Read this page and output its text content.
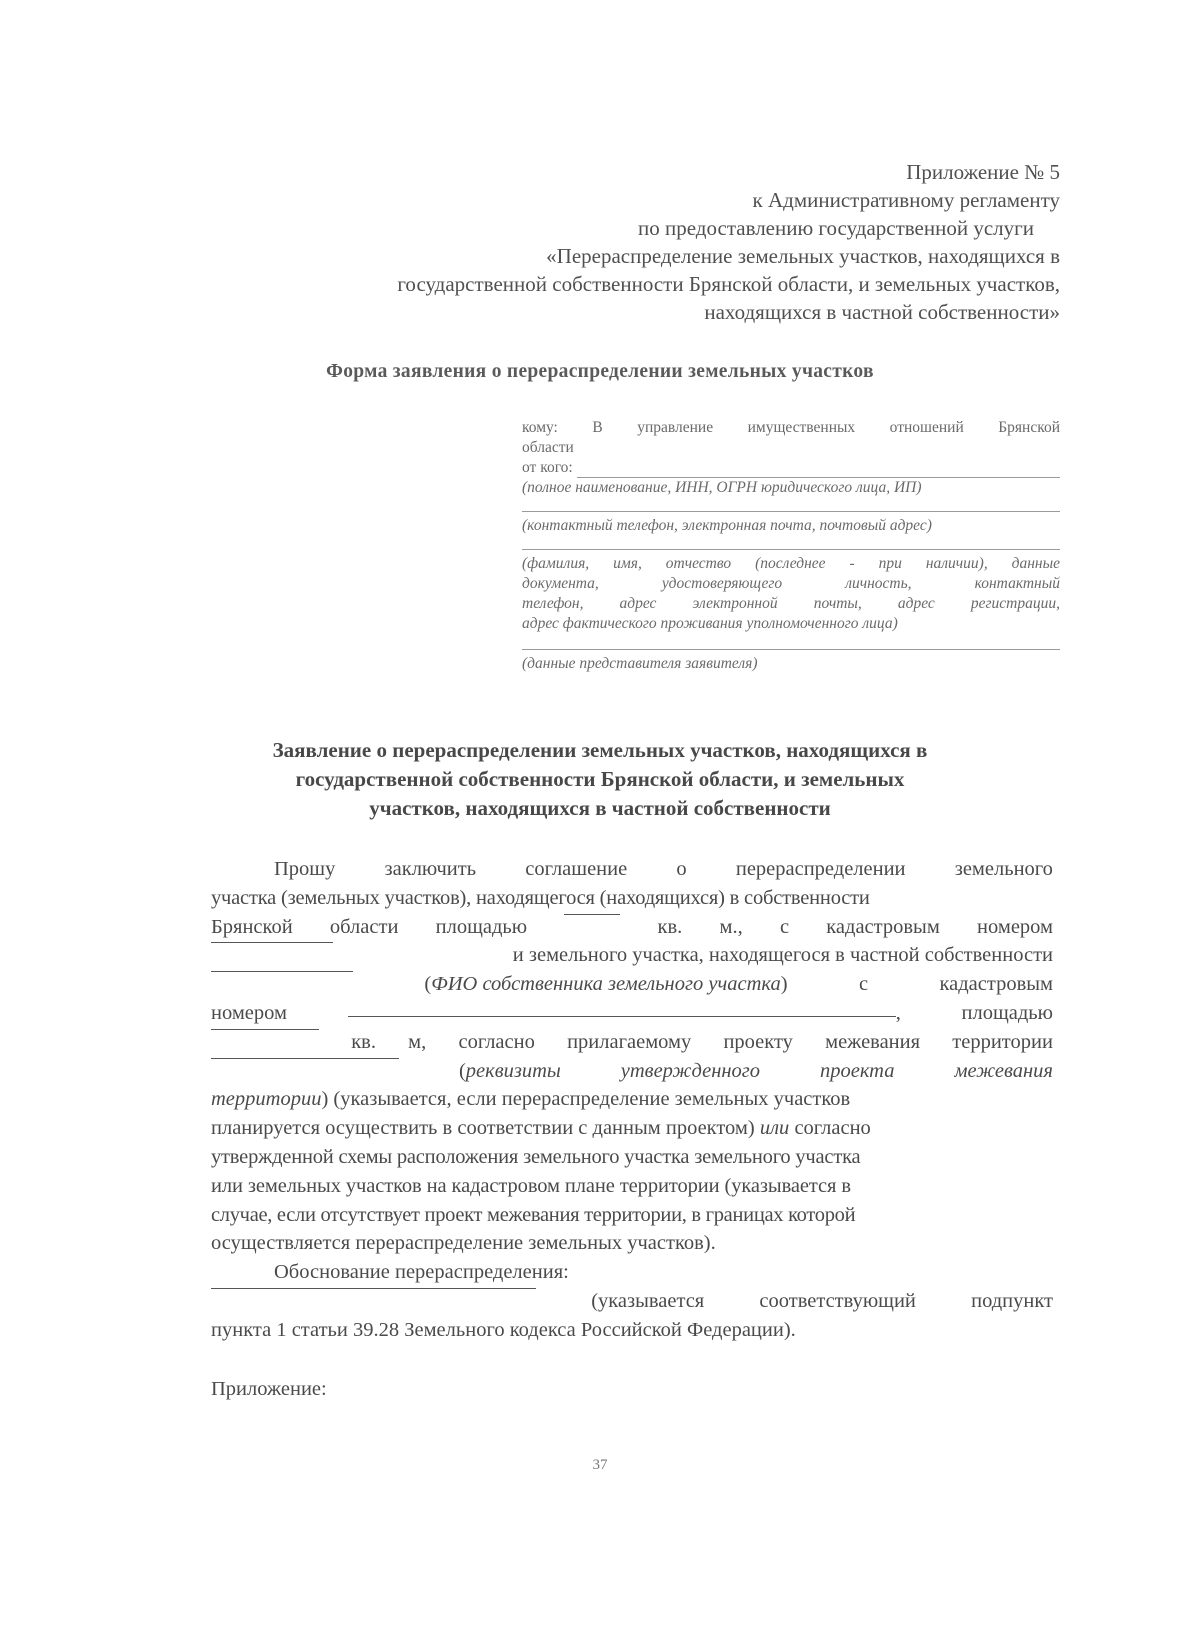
Приложение № 5
к Административному регламенту
по предоставлению государственной услуги
«Перераспределение земельных участков, находящихся в
государственной собственности Брянской области, и земельных участков,
находящихся в частной собственности»
Форма заявления о перераспределении земельных участков
кому: В управление имущественных отношений Брянской
области
от кого:
(полное наименование, ИНН, ОГРН юридического лица, ИП)
(контактный телефон, электронная почта, почтовый адрес)
(фамилия, имя, отчество (последнее - при наличии), данные
документа, удостоверяющего личность, контактный
телефон, адрес электронной почты, адрес регистрации,
адрес фактического проживания уполномоченного лица)
(данные представителя заявителя)
Заявление о перераспределении земельных участков, находящихся в
государственной собственности Брянской области, и земельных
участков, находящихся в частной собственности
Прошу заключить соглашение о перераспределении земельного
участка (земельных участков), находящегося (находящихся) в собственности
Брянской области площадью	кв. м., с кадастровым номером
и земельного участка, находящегося в частной собственности
(ФИО собственника земельного участка)	с	кадастровым
номером	,	площадью
кв. м, согласно прилагаемому проекту межевания территории
(реквизиты	утвержденного	проекта	межевания
территории) (указывается, если перераспределение земельных участков
планируется осуществить в соответствии с данным проектом) или согласно
утвержденной схемы расположения земельного участка земельного участка
или земельных участков на кадастровом плане территории (указывается в
случае, если отсутствует проект межевания территории, в границах которой
осуществляется перераспределение земельных участков).
Обоснование перераспределения:
(указывается	соответствующий	подпункт
пункта 1 статьи 39.28 Земельного кодекса Российской Федерации).
Приложение:
37
